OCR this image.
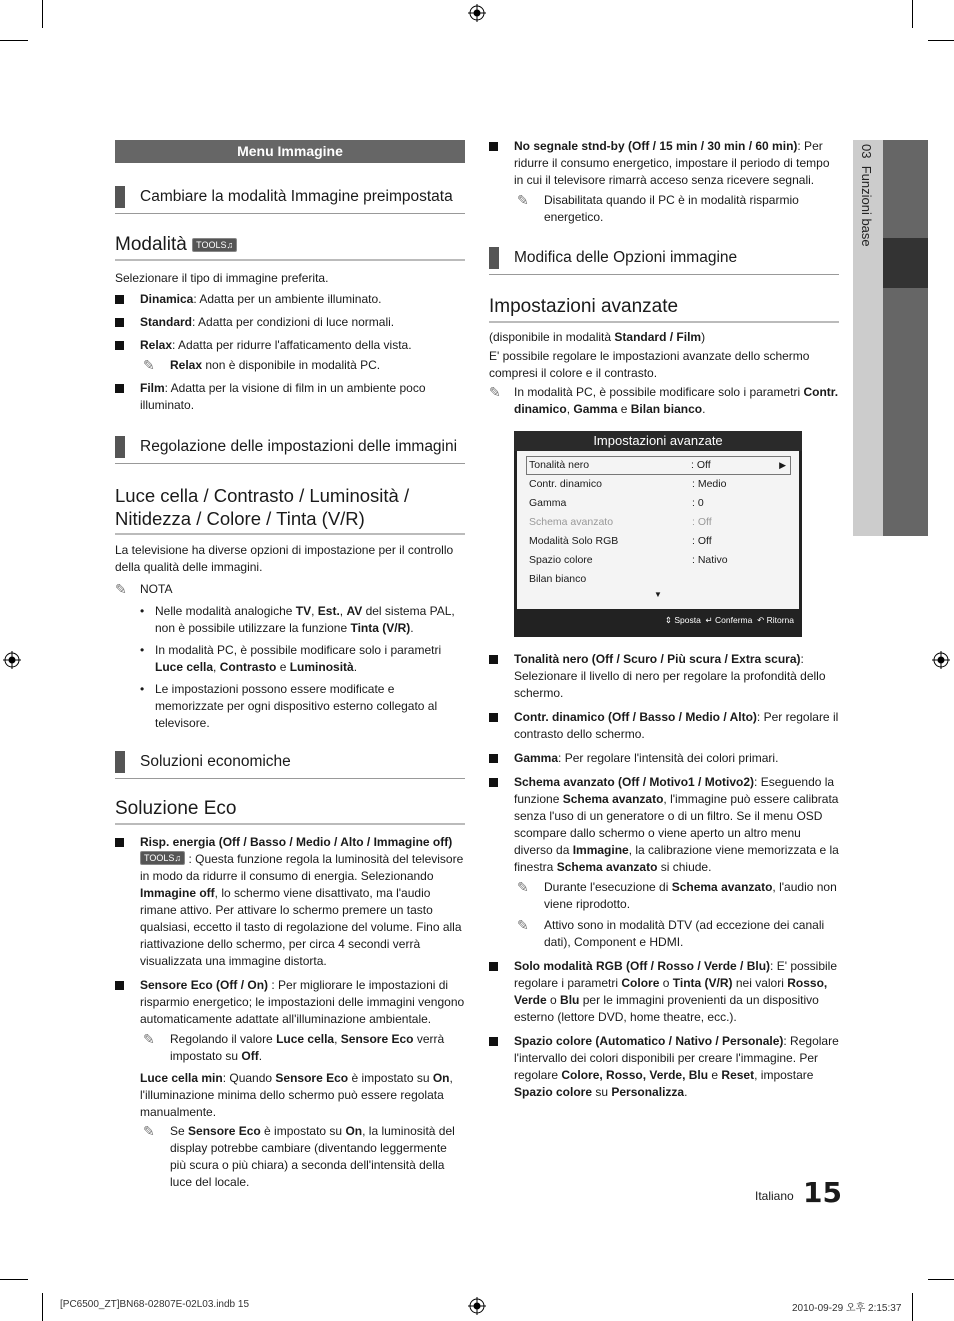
03  Funzioni base
Menu Immagine
Cambiare la modalità Immagine preimpostata
Modalità TOOLS♫
Selezionare il tipo di immagine preferita.
Dinamica: Adatta per un ambiente illuminato.
Standard: Adatta per condizioni di luce normali.
Relax: Adatta per ridurre l'affaticamento della vista.
✎ Relax non è disponibile in modalità PC.
Film: Adatta per la visione di film in un ambiente poco illuminato.
Regolazione delle impostazioni delle immagini
Luce cella / Contrasto / Luminosità / Nitidezza / Colore / Tinta (V/R)
La televisione ha diverse opzioni di impostazione per il controllo della qualità delle immagini.
✎ NOTA
• Nelle modalità analogiche TV, Est., AV del sistema PAL, non è possibile utilizzare la funzione Tinta (V/R).
• In modalità PC, è possibile modificare solo i parametri Luce cella, Contrasto e Luminosità.
• Le impostazioni possono essere modificate e memorizzate per ogni dispositivo esterno collegato al televisore.
Soluzioni economiche
Soluzione Eco
Risp. energia (Off / Basso / Medio / Alto / Immagine off) TOOLS♫ : Questa funzione regola la luminosità del televisore in modo da ridurre il consumo di energia. Selezionando Immagine off, lo schermo viene disattivato, ma l'audio rimane attivo. Per attivare lo schermo premere un tasto qualsiasi, eccetto il tasto di regolazione del volume. Fino alla riattivazione dello schermo, per circa 4 secondi verrà visualizzata una immagine distorta.
Sensore Eco (Off / On) : Per migliorare le impostazioni di risparmio energetico; le impostazioni delle immagini vengono automaticamente adattate all'illuminazione ambientale.
✎ Regolando il valore Luce cella, Sensore Eco verrà impostato su Off.
Luce cella min: Quando Sensore Eco è impostato su On, l'illuminazione minima dello schermo può essere regolata manualmente.
✎ Se Sensore Eco è impostato su On, la luminosità del display potrebbe cambiare (diventando leggermente più scura o più chiara) a seconda dell'intensità della luce del locale.
No segnale stnd-by (Off / 15 min / 30 min / 60 min): Per ridurre il consumo energetico, impostare il periodo di tempo in cui il televisore rimarrà acceso senza ricevere segnali.
✎ Disabilitata quando il PC è in modalità risparmio energetico.
Modifica delle Opzioni immagine
Impostazioni avanzate
(disponibile in modalità Standard / Film)
E' possibile regolare le impostazioni avanzate dello schermo compresi il colore e il contrasto.
✎ In modalità PC, è possibile modificare solo i parametri Contr. dinamico, Gamma e Bilan bianco.
Impostazioni avanzate
Tonalità nero	: Off	▶
Contr. dinamico	: Medio
Gamma	: 0
Schema avanzato	: Off
Modalità Solo RGB	: Off
Spazio colore	: Nativo
Bilan bianco
▼
⇕ Sposta ↵ Conferma ↶ Ritorna
Tonalità nero (Off / Scuro / Più scura / Extra scura): Selezionare il livello di nero per regolare la profondità dello schermo.
Contr. dinamico (Off / Basso / Medio / Alto): Per regolare il contrasto dello schermo.
Gamma: Per regolare l'intensità dei colori primari.
Schema avanzato (Off / Motivo1 / Motivo2): Eseguendo la funzione Schema avanzato, l'immagine può essere calibrata senza l'uso di un generatore o di un filtro. Se il menu OSD scompare dallo schermo o viene aperto un altro menu diverso da Immagine, la calibrazione viene memorizzata e la finestra Schema avanzato si chiude.
✎ Durante l'esecuzione di Schema avanzato, l'audio non viene riprodotto.
✎ Attivo sono in modalità DTV (ad eccezione dei canali dati), Component e HDMI.
Solo modalità RGB (Off / Rosso / Verde / Blu): E' possibile regolare i parametri Colore o Tinta (V/R) nei valori Rosso, Verde o Blu per le immagini provenienti da un dispositivo esterno (lettore DVD, home theatre, ecc.).
Spazio colore (Automatico / Nativo / Personale): Regolare l'intervallo dei colori disponibili per creare l'immagine. Per regolare Colore, Rosso, Verde, Blu e Reset, impostare Spazio colore su Personalizza.
Italiano 15
[PC6500_ZT]BN68-02807E-02L03.indb 15	2010-09-29 오후 2:15:37
